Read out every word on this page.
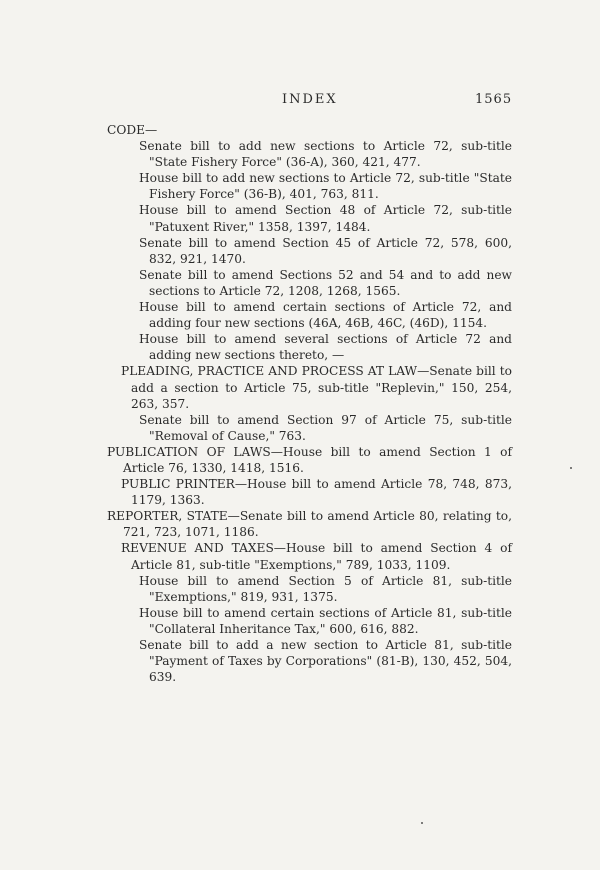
INDEX	1565

CODE—

Senate bill to add new sections to Article 72, sub-title "State Fishery Force" (36-A), 360, 421, 477.

House bill to add new sections to Article 72, sub-title "State Fishery Force" (36-B), 401, 763, 811.

House bill to amend Section 48 of Article 72, sub-title "Patuxent River," 1358, 1397, 1484.

Senate bill to amend Section 45 of Article 72, 578, 600, 832, 921, 1470.

Senate bill to amend Sections 52 and 54 and to add new sections to Article 72, 1208, 1268, 1565.

House bill to amend certain sections of Article 72, and adding four new sections (46A, 46B, 46C, (46D), 1154.

House bill to amend several sections of Article 72 and adding new sections thereto, —

PLEADING, PRACTICE AND PROCESS AT LAW—Senate bill to add a section to Article 75, sub-title "Replevin," 150, 254, 263, 357.

Senate bill to amend Section 97 of Article 75, sub-title "Removal of Cause," 763.

PUBLICATION OF LAWS—House bill to amend Section 1 of Article 76, 1330, 1418, 1516.

PUBLIC PRINTER—House bill to amend Article 78, 748, 873, 1179, 1363.

REPORTER, STATE—Senate bill to amend Article 80, relating to, 721, 723, 1071, 1186.

REVENUE AND TAXES—House bill to amend Section 4 of Article 81, sub-title "Exemptions," 789, 1033, 1109.

House bill to amend Section 5 of Article 81, sub-title "Exemptions," 819, 931, 1375.

House bill to amend certain sections of Article 81, sub-title "Collateral Inheritance Tax," 600, 616, 882.

Senate bill to add a new section to Article 81, sub-title "Payment of Taxes by Corporations" (81-B), 130, 452, 504, 639.
